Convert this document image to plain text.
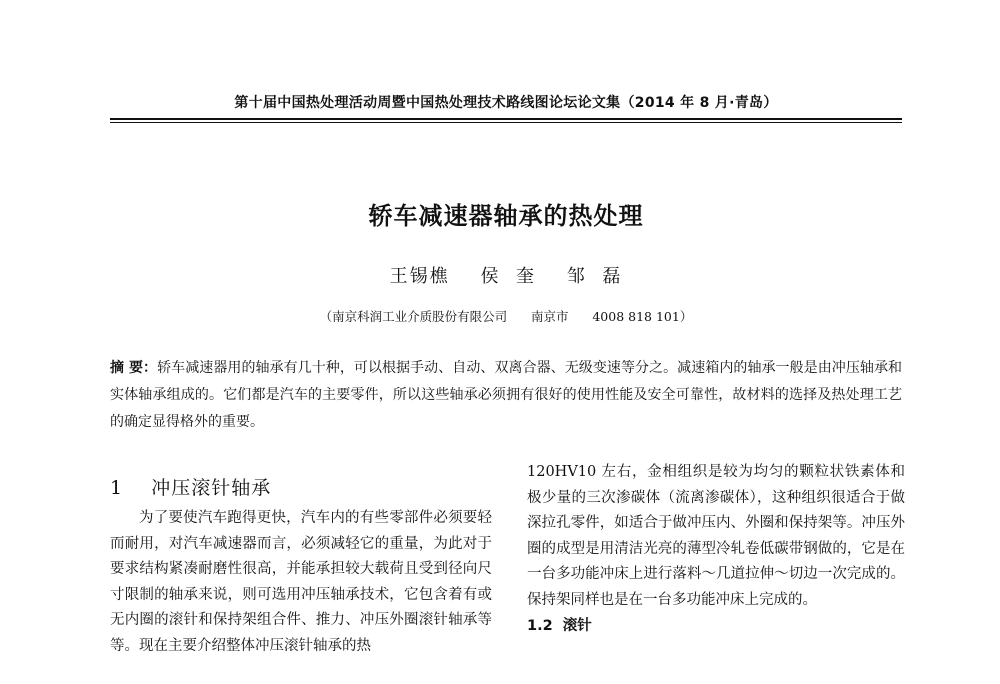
第十届中国热处理活动周暨中国热处理技术路线图论坛论文集（2014 年 8 月·青岛）
轿车减速器轴承的热处理
王锡樵    侯  奎    邹  磊
（南京科润工业介质股份有限公司      南京市      4008 818 101）
摘 要：轿车减速器用的轴承有几十种，可以根据手动、自动、双离合器、无级变速等分之。减速箱内的轴承一般是由冲压轴承和实体轴承组成的。它们都是汽车的主要零件，所以这些轴承必须拥有很好的使用性能及安全可靠性，故材料的选择及热处理工艺的确定显得格外的重要。
1    冲压滚针轴承
为了要使汽车跑得更快，汽车内的有些零部件必须要轻而耐用，对汽车减速器而言，必须减轻它的重量，为此对于要求结构紧凑耐磨性很高，并能承担较大载荷且受到径向尺寸限制的轴承来说，则可选用冲压轴承技术，它包含着有或无内圈的滚针和保持架组合件、推力、冲压外圈滚针轴承等等。现在主要介绍整体冲压滚针轴承的热
120HV10 左右，金相组织是较为均匀的颗粒状铁素体和极少量的三次渗碳体（流离渗碳体），这种组织很适合于做深拉孔零件，如适合于做冲压内、外圈和保持架等。冲压外圈的成型是用清洁光亮的薄型冷轧卷低碳带钢做的，它是在一台多功能冲床上进行落料～几道拉伸～切边一次完成的。保持架同样也是在一台多功能冲床上完成的。
1.2  滚针
